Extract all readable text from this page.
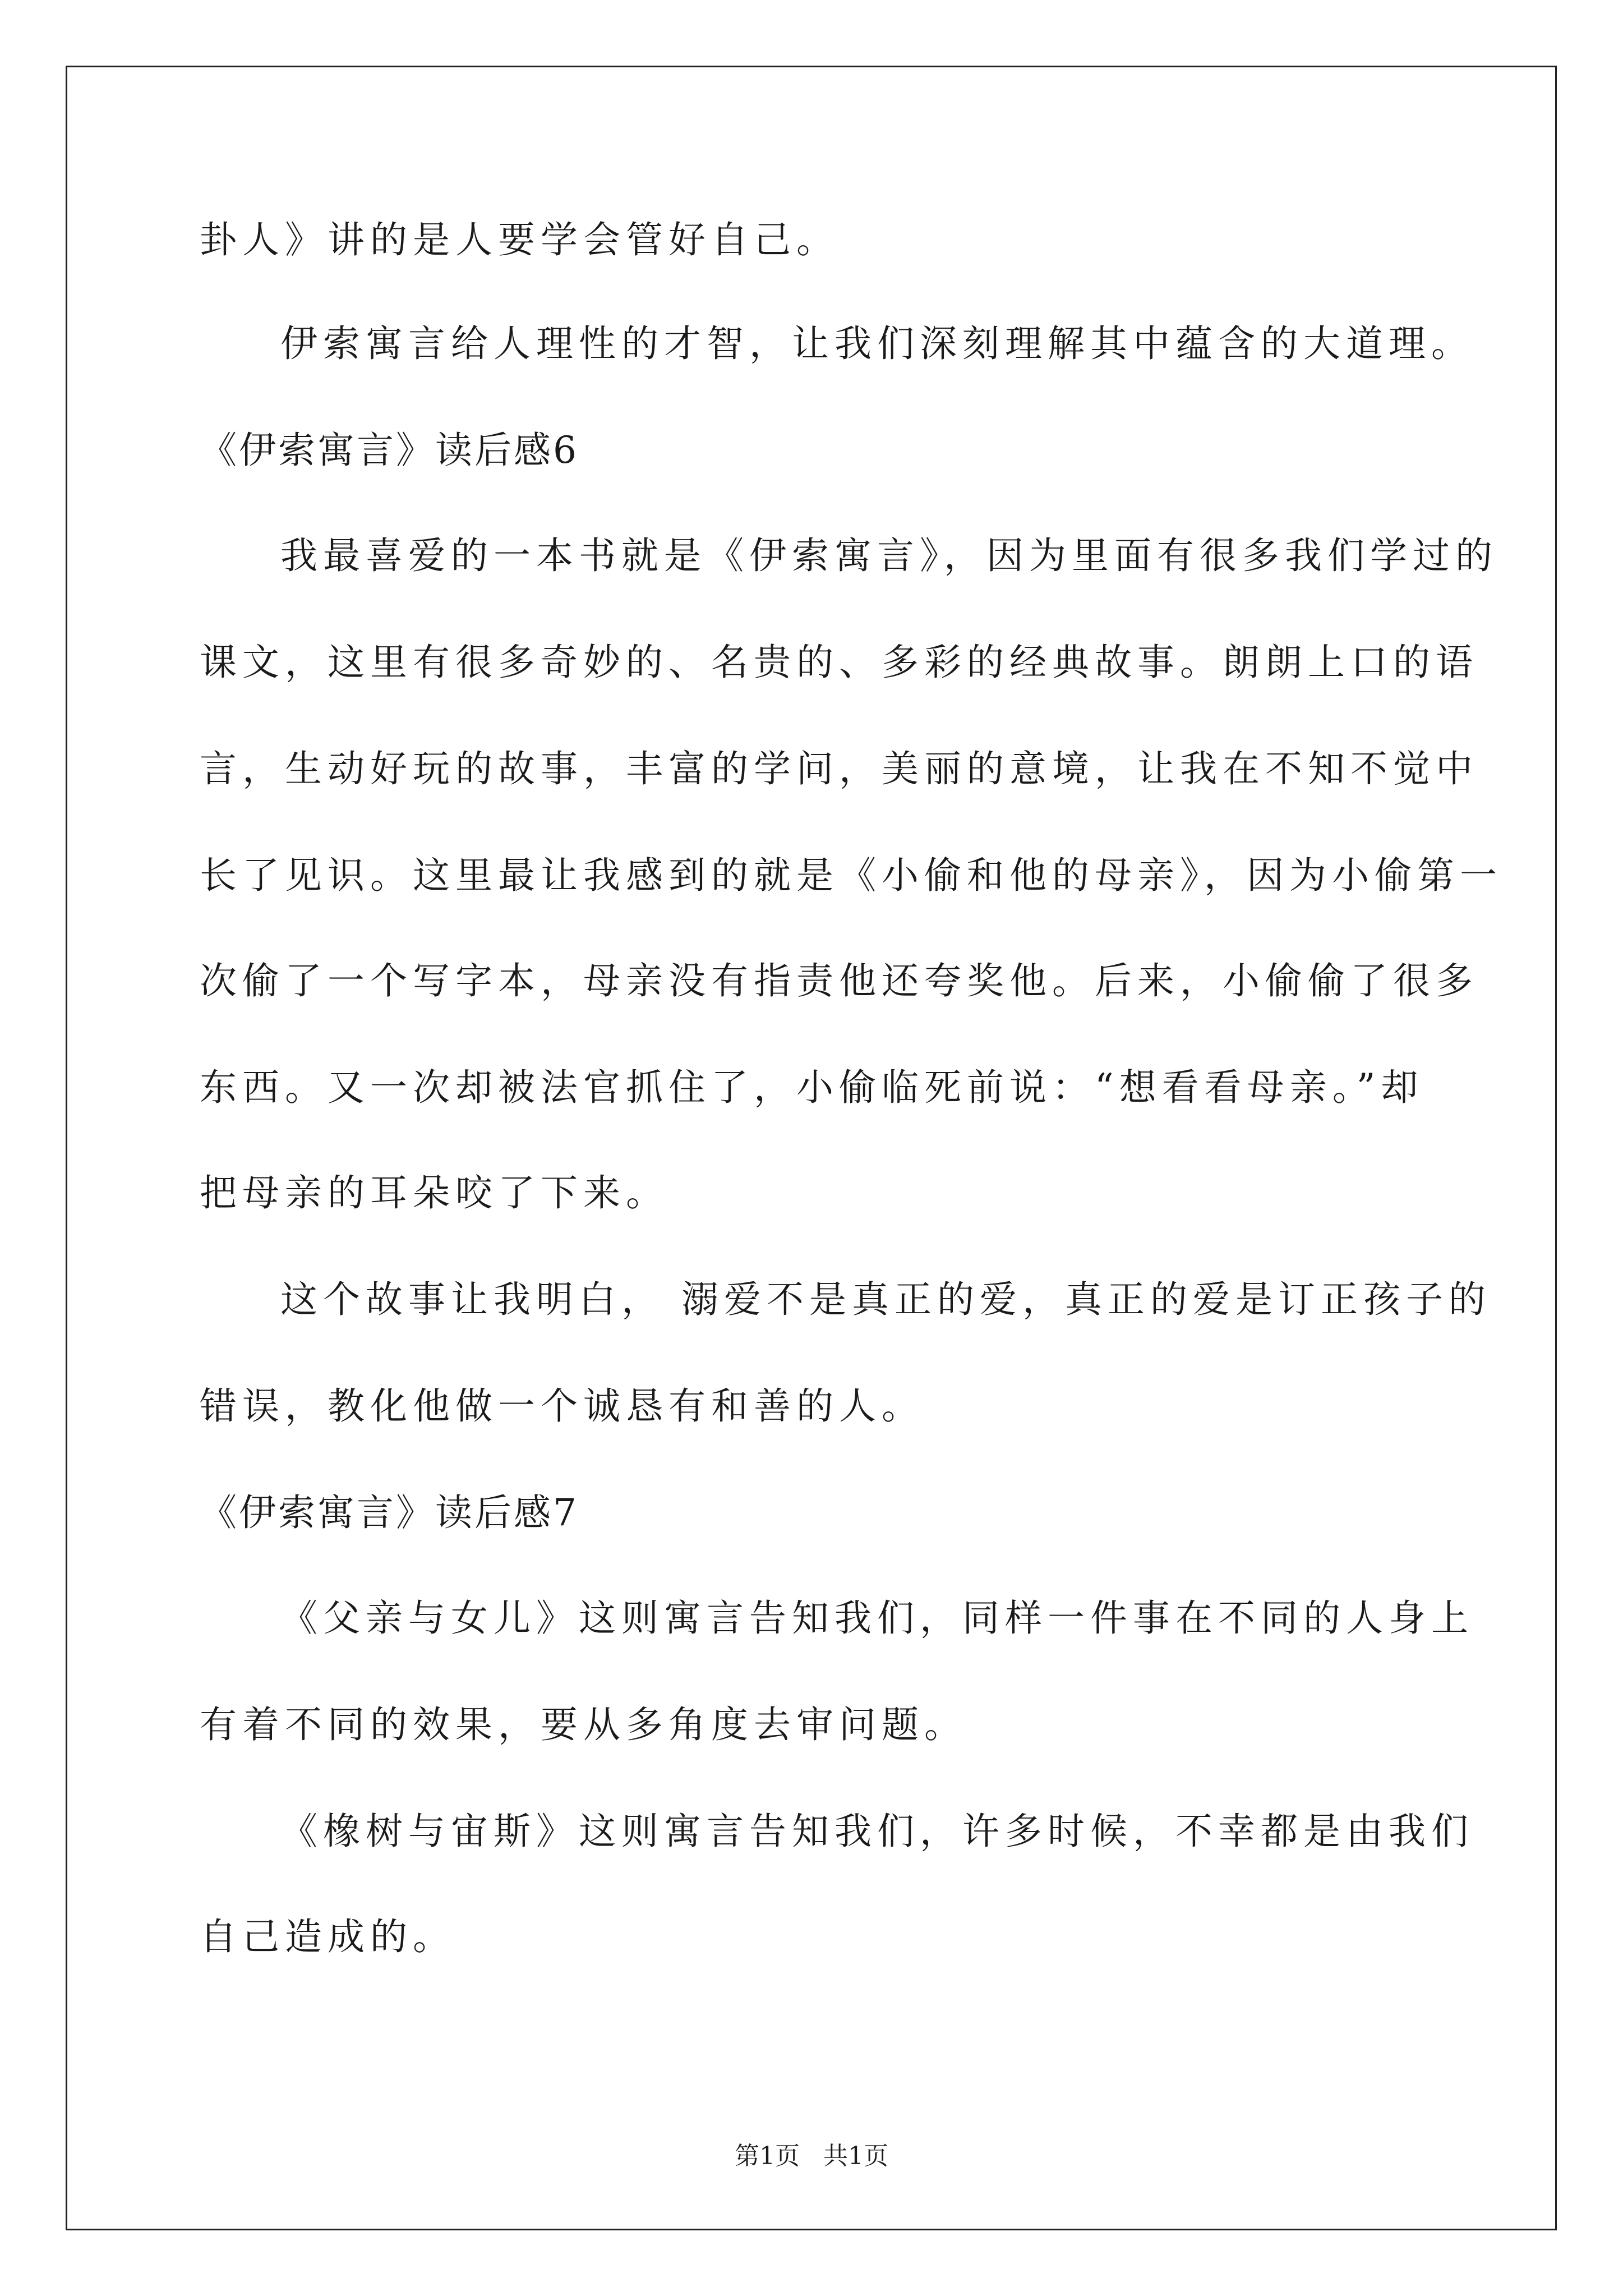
卦人》讲的是人要学会管好自己。
伊索寓言给人理性的才智，让我们深刻理解其中蕴含的大道理。
《伊索寓言》读后感6
我最喜爱的一本书就是《伊索寓言》，因为里面有很多我们学过的
课文，这里有很多奇妙的、名贵的、多彩的经典故事。朗朗上口的语
言，生动好玩的故事，丰富的学问，美丽的意境，让我在不知不觉中
长了见识。这里最让我感到的就是《小偷和他的母亲》，因为小偷第一
次偷了一个写字本，母亲没有指责他还夸奖他。后来，小偷偷了很多
东西。又一次却被法官抓住了，小偷临死前说：“想看看母亲。”却
把母亲的耳朵咬了下来。
这个故事让我明白， 溺爱不是真正的爱，真正的爱是订正孩子的
错误，教化他做一个诚恳有和善的人。
《伊索寓言》读后感7
《父亲与女儿》这则寓言告知我们，同样一件事在不同的人身上
有着不同的效果，要从多角度去审问题。
《橡树与宙斯》这则寓言告知我们，许多时候，不幸都是由我们
自己造成的。
第1页   共1页
